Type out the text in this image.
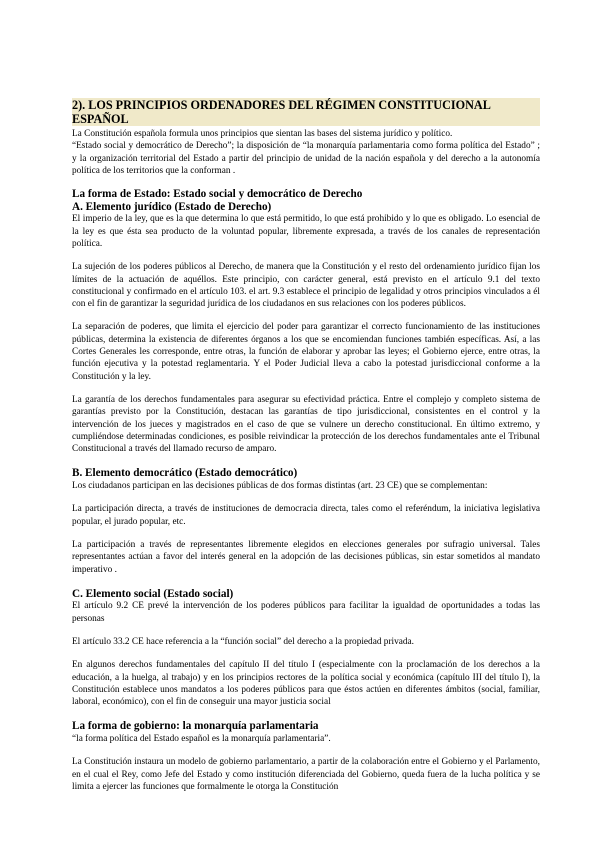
2). LOS PRINCIPIOS ORDENADORES DEL RÉGIMEN CONSTITUCIONAL ESPAÑOL

La Constitución española formula unos principios que sientan las bases del sistema jurídico y político.

“Estado social y democrático de Derecho”; la disposición de “la monarquía parlamentaria como forma política del Estado” ; y la organización territorial del Estado a partir del principio de unidad de la nación española y del derecho a la autonomía política de los territorios que la conforman .

La forma de Estado: Estado social y democrático de Derecho
A. Elemento jurídico (Estado de Derecho)

El imperio de la ley, que es la que determina lo que está permitido, lo que está prohibido y lo que es obligado. Lo esencial de la ley es que ésta sea producto de la voluntad popular, libremente expresada, a través de los canales de representación política.

La sujeción de los poderes públicos al Derecho, de manera que la Constitución y el resto del ordenamiento jurídico fijan los límites de la actuación de aquéllos. Este principio, con carácter general, está previsto en el artículo 9.1 del texto constitucional y confirmado en el artículo 103. el art. 9.3 establece el principio de legalidad y otros principios vinculados a él con el fin de garantizar la seguridad jurídica de los ciudadanos en sus relaciones con los poderes públicos.

La separación de poderes, que limita el ejercicio del poder para garantizar el correcto funcionamiento de las instituciones públicas, determina la existencia de diferentes órganos a los que se encomiendan funciones también específicas. Así, a las Cortes Generales les corresponde, entre otras, la función de elaborar y aprobar las leyes; el Gobierno ejerce, entre otras, la función ejecutiva y la potestad reglamentaria. Y el Poder Judicial lleva a cabo la potestad jurisdiccional conforme a la Constitución y la ley.

La garantía de los derechos fundamentales para asegurar su efectividad práctica. Entre el complejo y completo sistema de garantías previsto por la Constitución, destacan las garantías de tipo jurisdiccional, consistentes en el control y la intervención de los jueces y magistrados en el caso de que se vulnere un derecho constitucional. En último extremo, y cumpliéndose determinadas condiciones, es posible reivindicar la protección de los derechos fundamentales ante el Tribunal Constitucional a través del llamado recurso de amparo.

B. Elemento democrático (Estado democrático)

Los ciudadanos participan en las decisiones públicas de dos formas distintas (art. 23 CE) que se complementan:

La participación directa, a través de instituciones de democracia directa, tales como el referéndum, la iniciativa legislativa popular, el jurado popular, etc.

La participación a través de representantes libremente elegidos en elecciones generales por sufragio universal. Tales representantes actúan a favor del interés general en la adopción de las decisiones públicas, sin estar sometidos al mandato imperativo .

C. Elemento social (Estado social)

El artículo 9.2 CE prevé la intervención de los poderes públicos para facilitar la igualdad de oportunidades a todas las personas

El artículo 33.2 CE hace referencia a la “función social” del derecho a la propiedad privada.

En algunos derechos fundamentales del capítulo II del título I (especialmente con la proclamación de los derechos a la educación, a la huelga, al trabajo) y en los principios rectores de la política social y económica (capítulo III del título I), la Constitución establece unos mandatos a los poderes públicos para que éstos actúen en diferentes ámbitos (social, familiar, laboral, económico), con el fin de conseguir una mayor justicia social

La forma de gobierno: la monarquía parlamentaria

“la forma política del Estado español es la monarquía parlamentaria”.

La Constitución instaura un modelo de gobierno parlamentario, a partir de la colaboración entre el Gobierno y el Parlamento, en el cual el Rey, como Jefe del Estado y como institución diferenciada del Gobierno, queda fuera de la lucha política y se limita a ejercer las funciones que formalmente le otorga la Constitución
